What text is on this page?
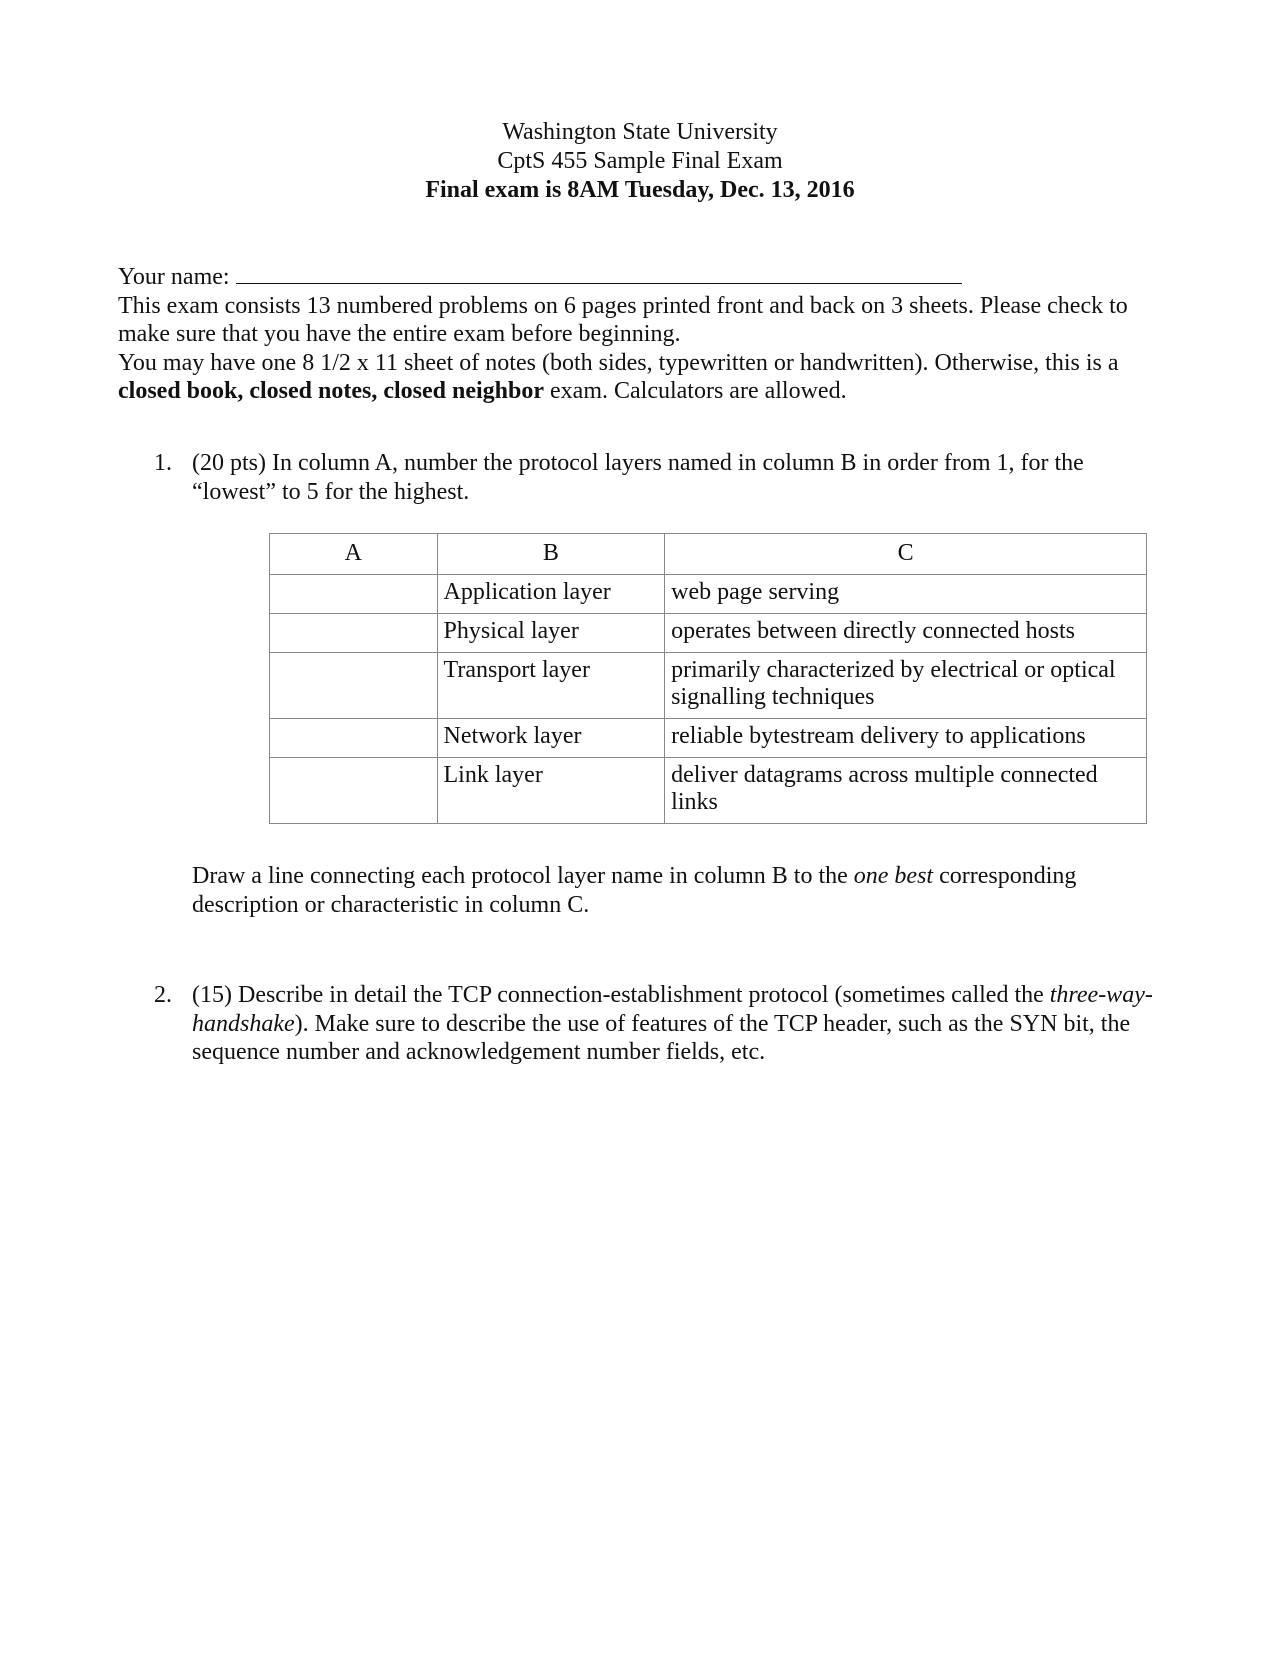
Washington State University
CptS 455 Sample Final Exam
Final exam is 8AM Tuesday, Dec. 13, 2016

Your name:

This exam consists 13 numbered problems on 6 pages printed front and back on 3 sheets. Please check to make sure that you have the entire exam before beginning.

You may have one 8 1/2 x 11 sheet of notes (both sides, typewritten or handwritten). Otherwise, this is a closed book, closed notes, closed neighbor exam. Calculators are allowed.

1. (20 pts) In column A, number the protocol layers named in column B in order from 1, for the “lowest” to 5 for the highest.
A	B	C
	Application layer	web page serving
	Physical layer	operates between directly connected hosts
	Transport layer	primarily characterized by electrical or optical signalling techniques
	Network layer	reliable bytestream delivery to applications
	Link layer	deliver datagrams across multiple connected links
Draw a line connecting each protocol layer name in column B to the one best corresponding description or characteristic in column C.
2. (15) Describe in detail the TCP connection-establishment protocol (sometimes called the three-way-handshake). Make sure to describe the use of features of the TCP header, such as the SYN bit, the sequence number and acknowledgement number fields, etc.
